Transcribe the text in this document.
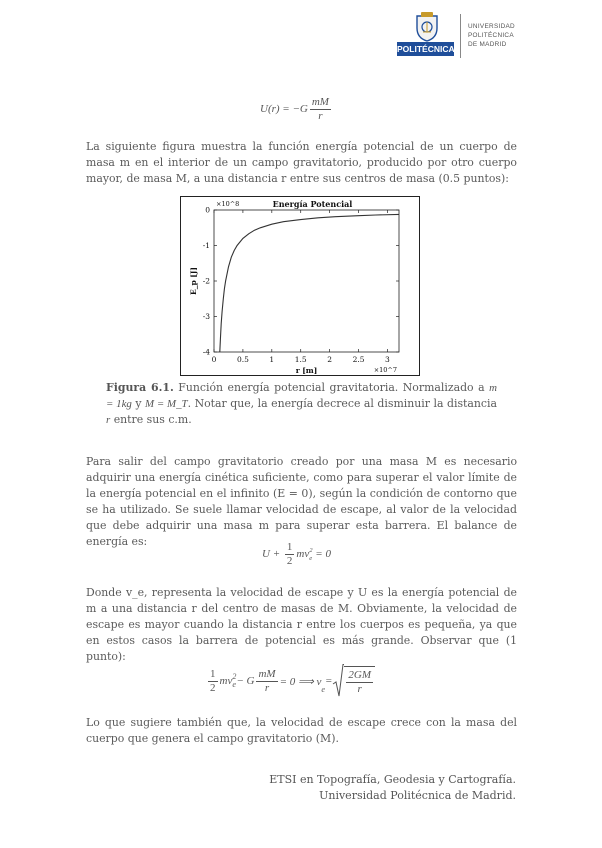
POLITÉCNICA
UNIVERSIDAD
POLITÉCNICA
DE MADRID
$U(r) = -G \frac{mM}{r}$
La siguiente figura muestra la función energía potencial de un cuerpo de masa m en el interior de un campo gravitatorio, producido por otro cuerpo mayor, de masa M, a una distancia r entre sus centros de masa (0.5 puntos):
0	0.5	1	1.5	2	2.5	3
0
-1
-2
-3
-4
Energía Potencial
r [m]
E_p [J]
×10^8
×10^7
Figura 6.1. Función energía potencial gravitatoria. Normalizado a m = 1kg y M = M_T. Notar que, la energía decrece al disminuir la distancia r entre sus c.m.
Para salir del campo gravitatorio creado por una masa M es necesario adquirir una energía cinética suficiente, como para superar el valor límite de la energía potencial en el infinito (E = 0), según la condición de contorno que se ha utilizado. Se suele llamar velocidad de escape, al valor de la velocidad que debe adquirir una masa m para superar esta barrera. El balance de energía es:
$U + \frac{1}{2}$ mv 2
e = 0
Donde v_e, representa la velocidad de escape y U es la energía potencial de m a una distancia r del centro de masas de M. Obviamente, la velocidad de escape es mayor cuando la distancia r entre los cuerpos es pequeña, ya que en estos casos la barrera de potencial es más grande. Observar que (1 punto):
$\frac{1}{2}$ mv 2
e − G $\frac{mM}{r} = 0$ ⟹ v
e
= $\frac{2GM}{r}$
Lo que sugiere también que, la velocidad de escape crece con la masa del cuerpo que genera el campo gravitatorio (M).
ETSI en Topografía, Geodesia y Cartografía.
Universidad Politécnica de Madrid.
